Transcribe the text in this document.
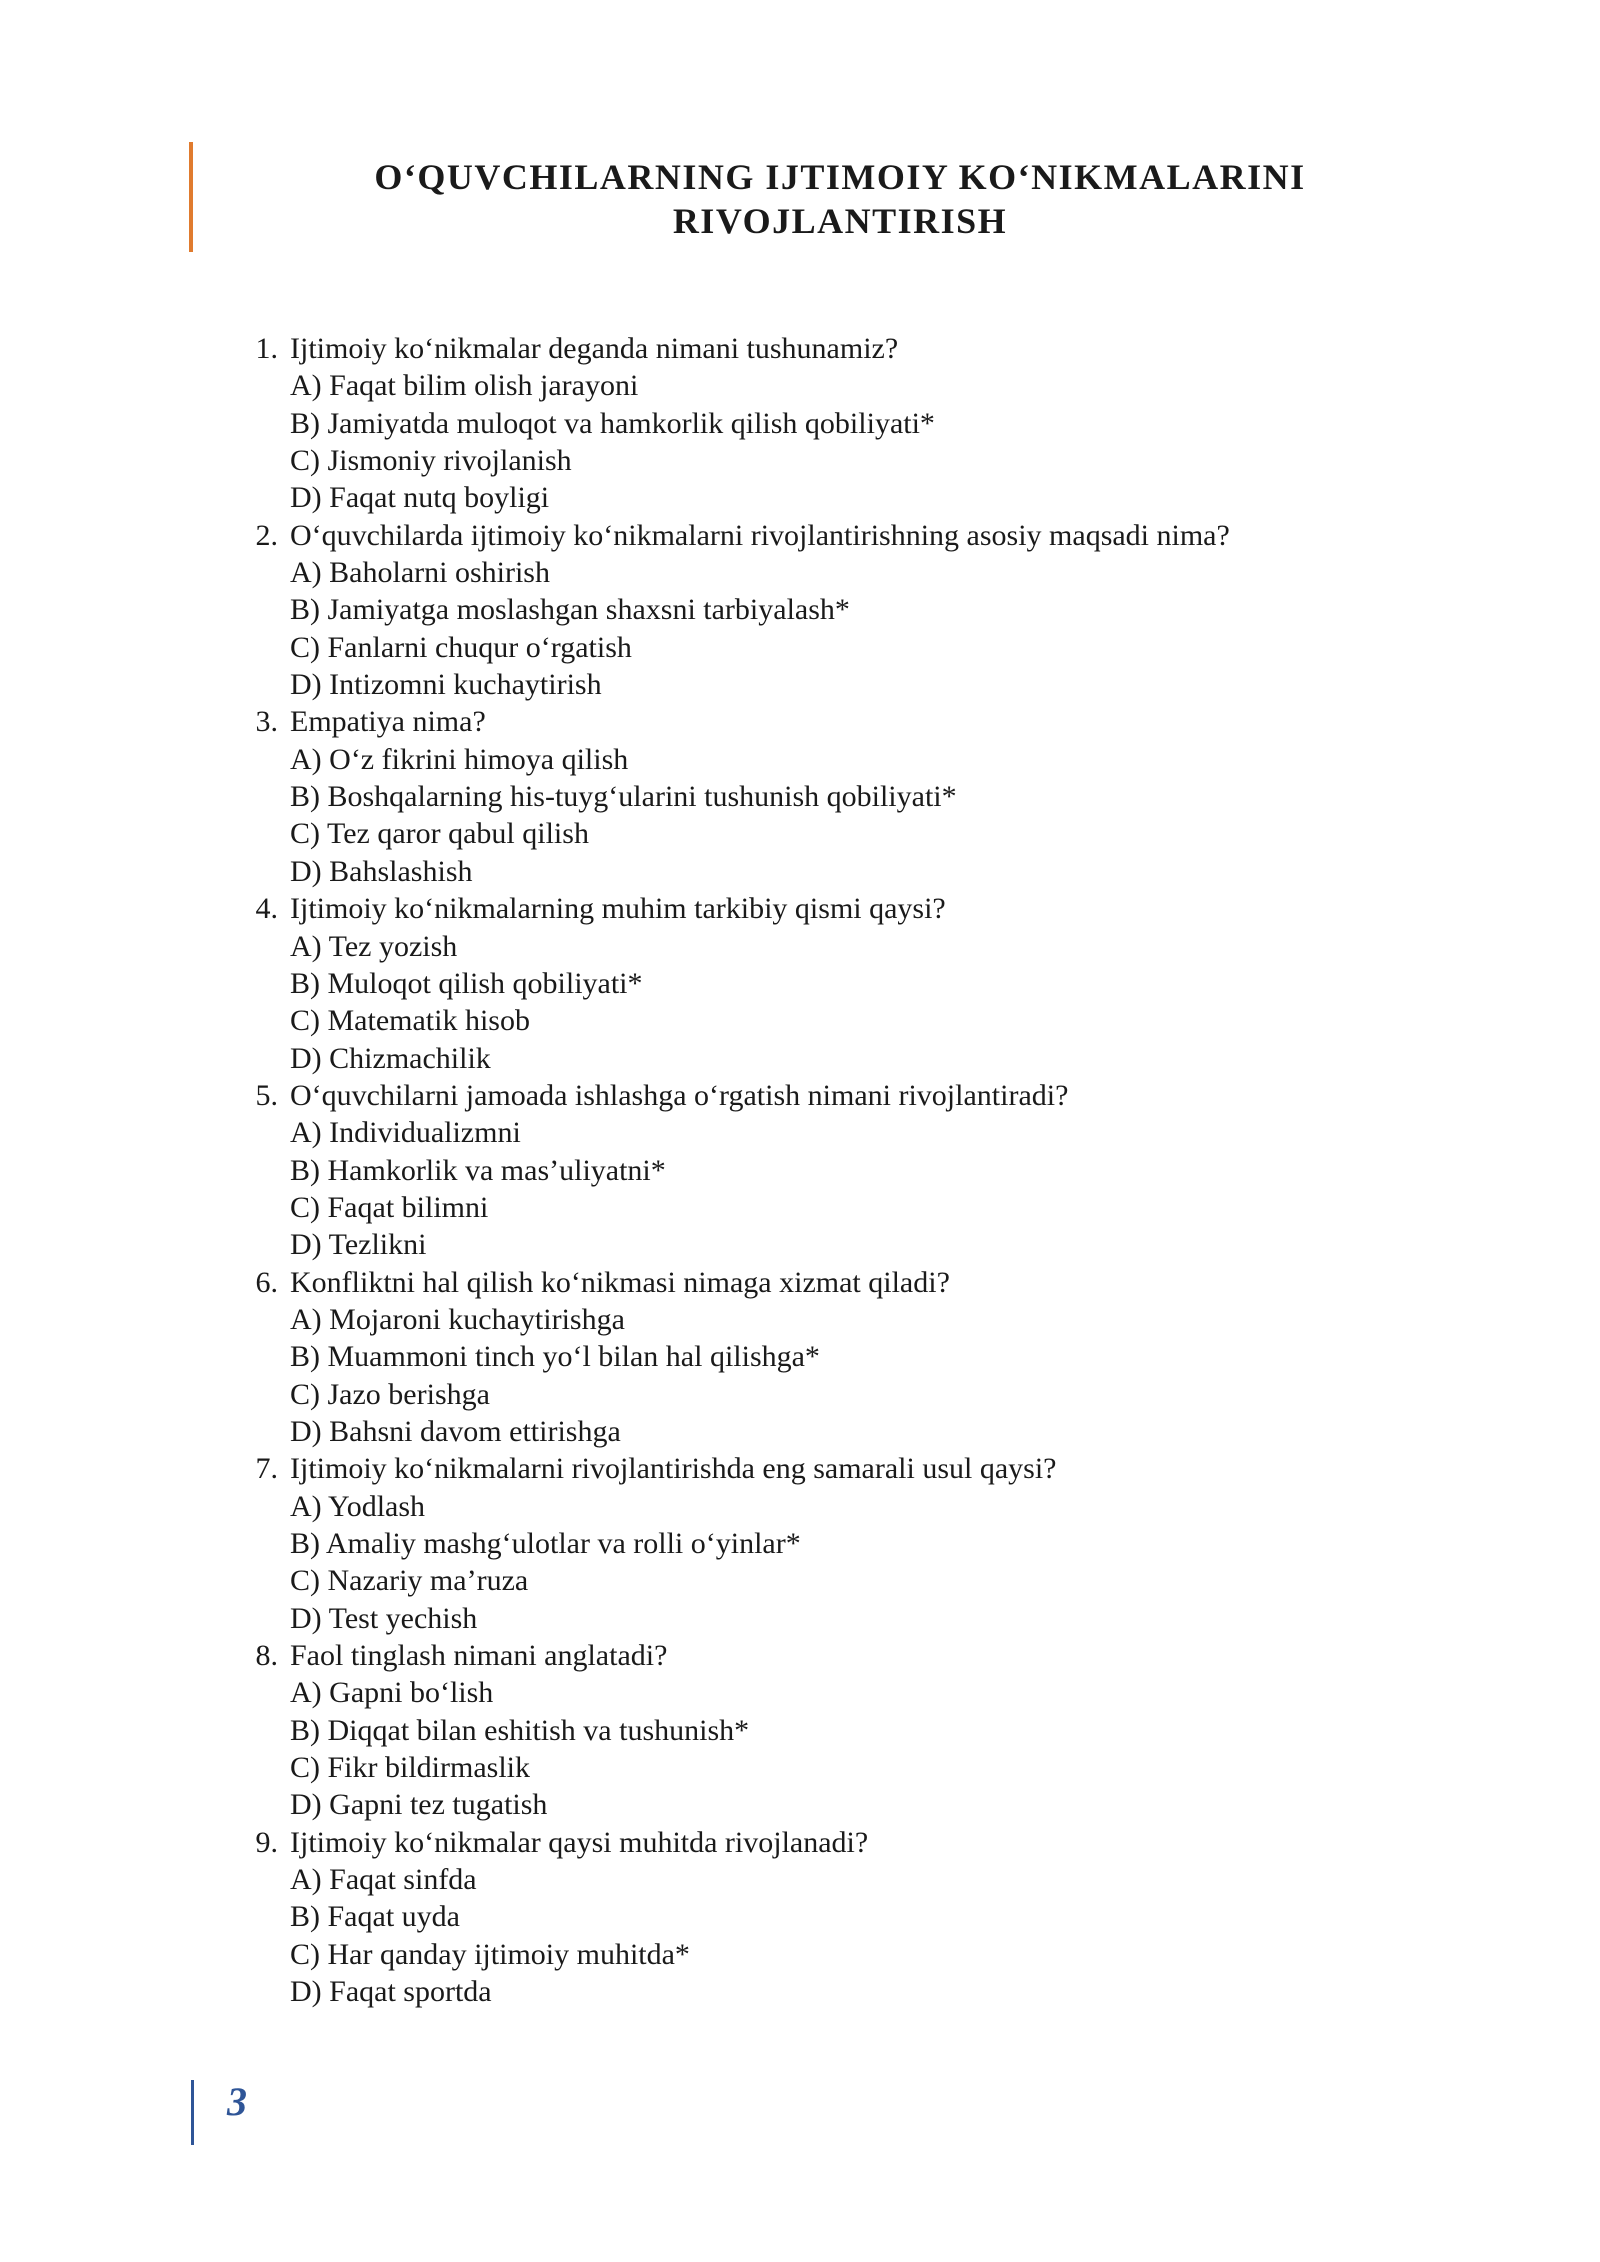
O‘QUVCHILARNING IJTIMOIY KO‘NIKMALARINI
RIVOJLANTIRISH
1. Ijtimoiy ko‘nikmalar deganda nimani tushunamiz?
A) Faqat bilim olish jarayoni
B) Jamiyatda muloqot va hamkorlik qilish qobiliyati*
C) Jismoniy rivojlanish
D) Faqat nutq boyligi
2. O‘quvchilarda ijtimoiy ko‘nikmalarni rivojlantirishning asosiy maqsadi nima?
A) Baholarni oshirish
B) Jamiyatga moslashgan shaxsni tarbiyalash*
C) Fanlarni chuqur o‘rgatish
D) Intizomni kuchaytirish
3. Empatiya nima?
A) O‘z fikrini himoya qilish
B) Boshqalarning his-tuyg‘ularini tushunish qobiliyati*
C) Tez qaror qabul qilish
D) Bahslashish
4. Ijtimoiy ko‘nikmalarning muhim tarkibiy qismi qaysi?
A) Tez yozish
B) Muloqot qilish qobiliyati*
C) Matematik hisob
D) Chizmachilik
5. O‘quvchilarni jamoada ishlashga o‘rgatish nimani rivojlantiradi?
A) Individualizmni
B) Hamkorlik va mas’uliyatni*
C) Faqat bilimni
D) Tezlikni
6. Konfliktni hal qilish ko‘nikmasi nimaga xizmat qiladi?
A) Mojaroni kuchaytirishga
B) Muammoni tinch yo‘l bilan hal qilishga*
C) Jazo berishga
D) Bahsni davom ettirishga
7. Ijtimoiy ko‘nikmalarni rivojlantirishda eng samarali usul qaysi?
A) Yodlash
B) Amaliy mashg‘ulotlar va rolli o‘yinlar*
C) Nazariy ma’ruza
D) Test yechish
8. Faol tinglash nimani anglatadi?
A) Gapni bo‘lish
B) Diqqat bilan eshitish va tushunish*
C) Fikr bildirmaslik
D) Gapni tez tugatish
9. Ijtimoiy ko‘nikmalar qaysi muhitda rivojlanadi?
A) Faqat sinfda
B) Faqat uyda
C) Har qanday ijtimoiy muhitda*
D) Faqat sportda
3
